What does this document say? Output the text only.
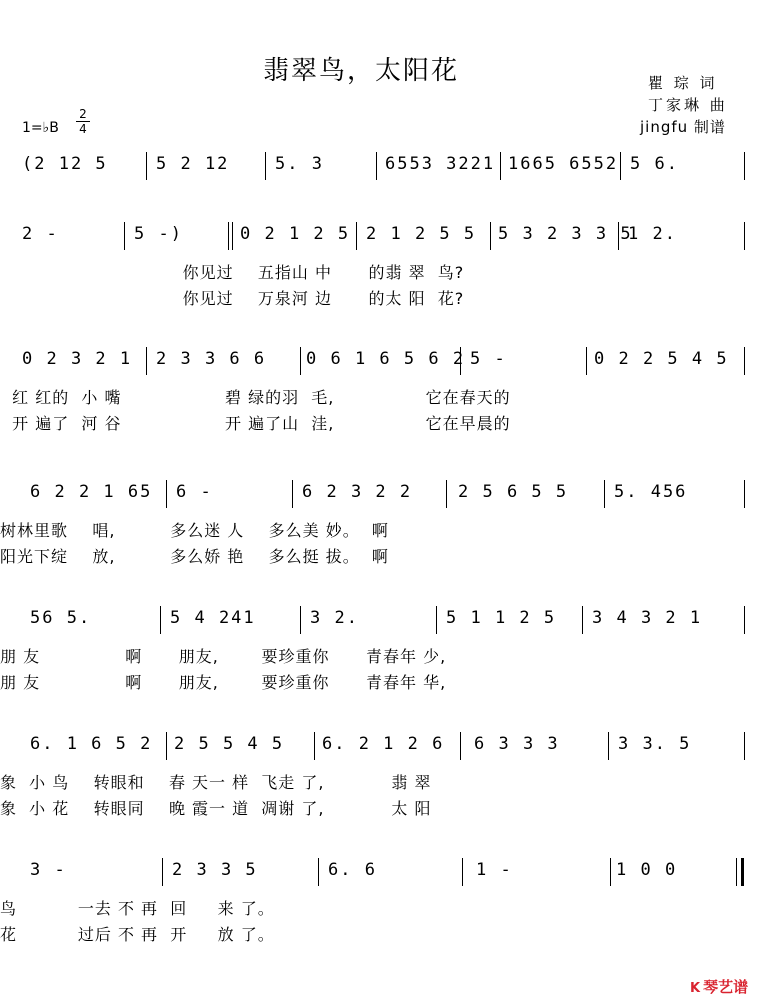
翡翠鸟，太阳花	瞿 琮 词
丁家琳 曲
jingfu 制谱
1=♭B
2
4
(2 12 5	5 2 12	5. 3	6553 3221 1665 6552 5 6.
2 -	5 -)	0 2 1 2 5 2 1 2 5 5 5 3 2 3 3 5
1 2.
你见过    五指山 中      的翡 翠  鸟?
你见过    万泉河 边      的太 阳  花?
0 2 3 2 1 2 3 3 6 6 0 6 1 6 5 6 2 5 -	0 2 2 5 4 5
红 红的  小 嘴                 碧 绿的羽  毛,               它在春天的
开 遍了  河 谷                 开 遍了山  洼,               它在早晨的
6 2 2 1 65 6 -	6 2 3 2 2	2 5 6 5 5	5. 456
树林里歌    唱,         多么迷 人    多么美 妙。  啊
阳光下绽    放,         多么娇 艳    多么挺 拔。  啊
56 5.	5 4 241	3 2.	5 1 1 2 5 3 4 3 2 1
朋 友              啊      朋友,       要珍重你      青春年 少,
朋 友              啊      朋友,       要珍重你      青春年 华,
6. 1 6 5 2 2 5 5 4 5 6. 2 1 2 6 6 3 3 3	3 3. 5
象  小 鸟    转眼和    春 天一 样  飞走 了,           翡 翠
象  小 花    转眼同    晚 霞一 道  凋谢 了,           太 阳
3 -	2 3 3 5	6. 6	1 -	1 0 0
鸟          一去 不 再  回     来 了。
花          过后 不 再  开     放 了。
K 琴艺谱
